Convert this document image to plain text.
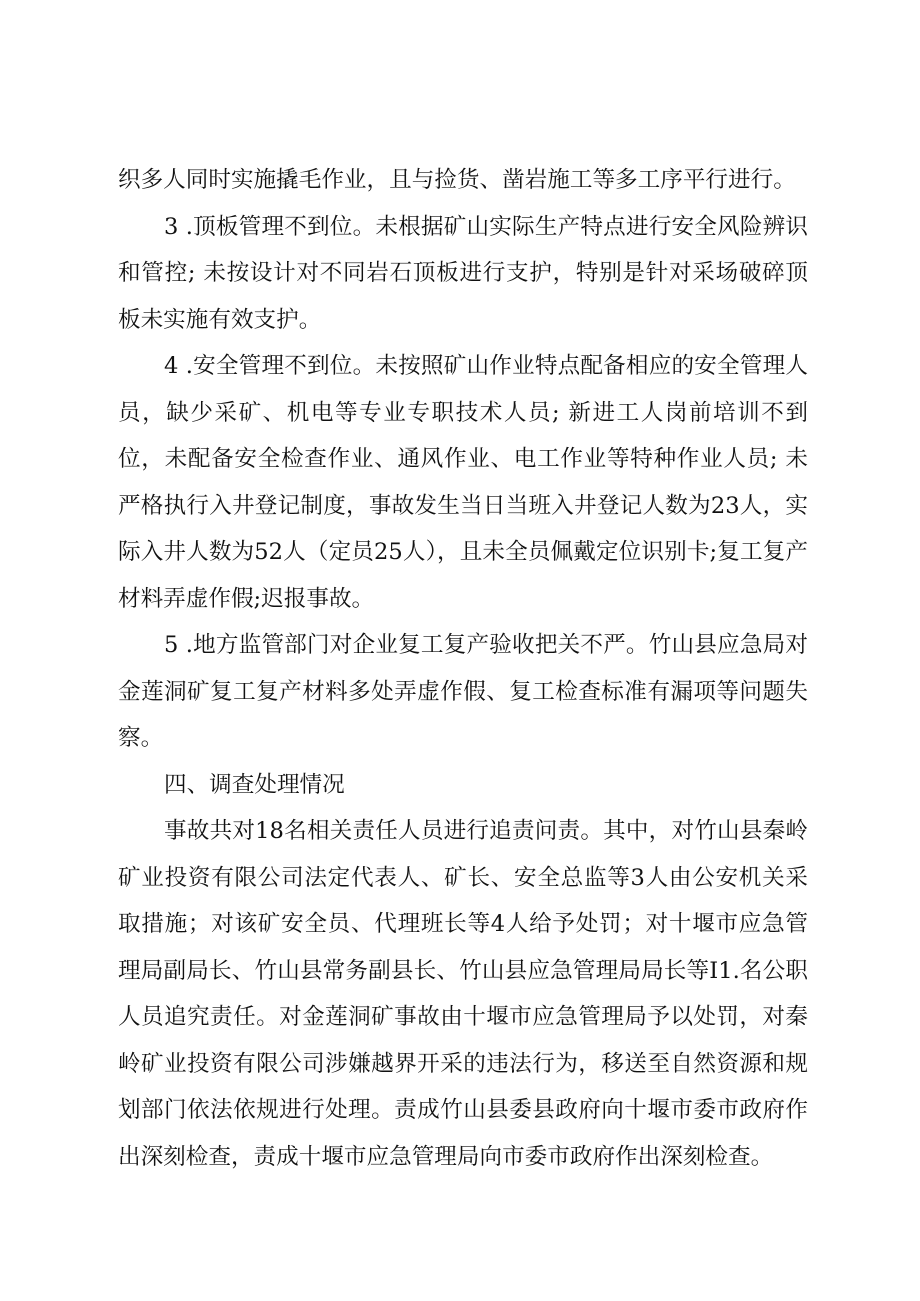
织多人同时实施撬毛作业，且与捡货、凿岩施工等多工序平行进行。

3 .顶板管理不到位。未根据矿山实际生产特点进行安全风险辨识和管控; 未按设计对不同岩石顶板进行支护，特别是针对采场破碎顶板未实施有效支护。

4 .安全管理不到位。未按照矿山作业特点配备相应的安全管理人员，缺少采矿、机电等专业专职技术人员; 新进工人岗前培训不到位，未配备安全检查作业、通风作业、电工作业等特种作业人员; 未严格执行入井登记制度，事故发生当日当班入井登记人数为23人，实际入井人数为52人（定员25人），且未全员佩戴定位识别卡;复工复产材料弄虚作假;迟报事故。

5 .地方监管部门对企业复工复产验收把关不严。竹山县应急局对金莲洞矿复工复产材料多处弄虚作假、复工检查标准有漏项等问题失察。

四、调查处理情况

事故共对18名相关责任人员进行追责问责。其中，对竹山县秦岭矿业投资有限公司法定代表人、矿长、安全总监等3人由公安机关采取措施；对该矿安全员、代理班长等4人给予处罚；对十堰市应急管理局副局长、竹山县常务副县长、竹山县应急管理局局长等I1.名公职人员追究责任。对金莲洞矿事故由十堰市应急管理局予以处罚，对秦岭矿业投资有限公司涉嫌越界开采的违法行为，移送至自然资源和规划部门依法依规进行处理。责成竹山县委县政府向十堰市委市政府作出深刻检查，责成十堰市应急管理局向市委市政府作出深刻检查。
